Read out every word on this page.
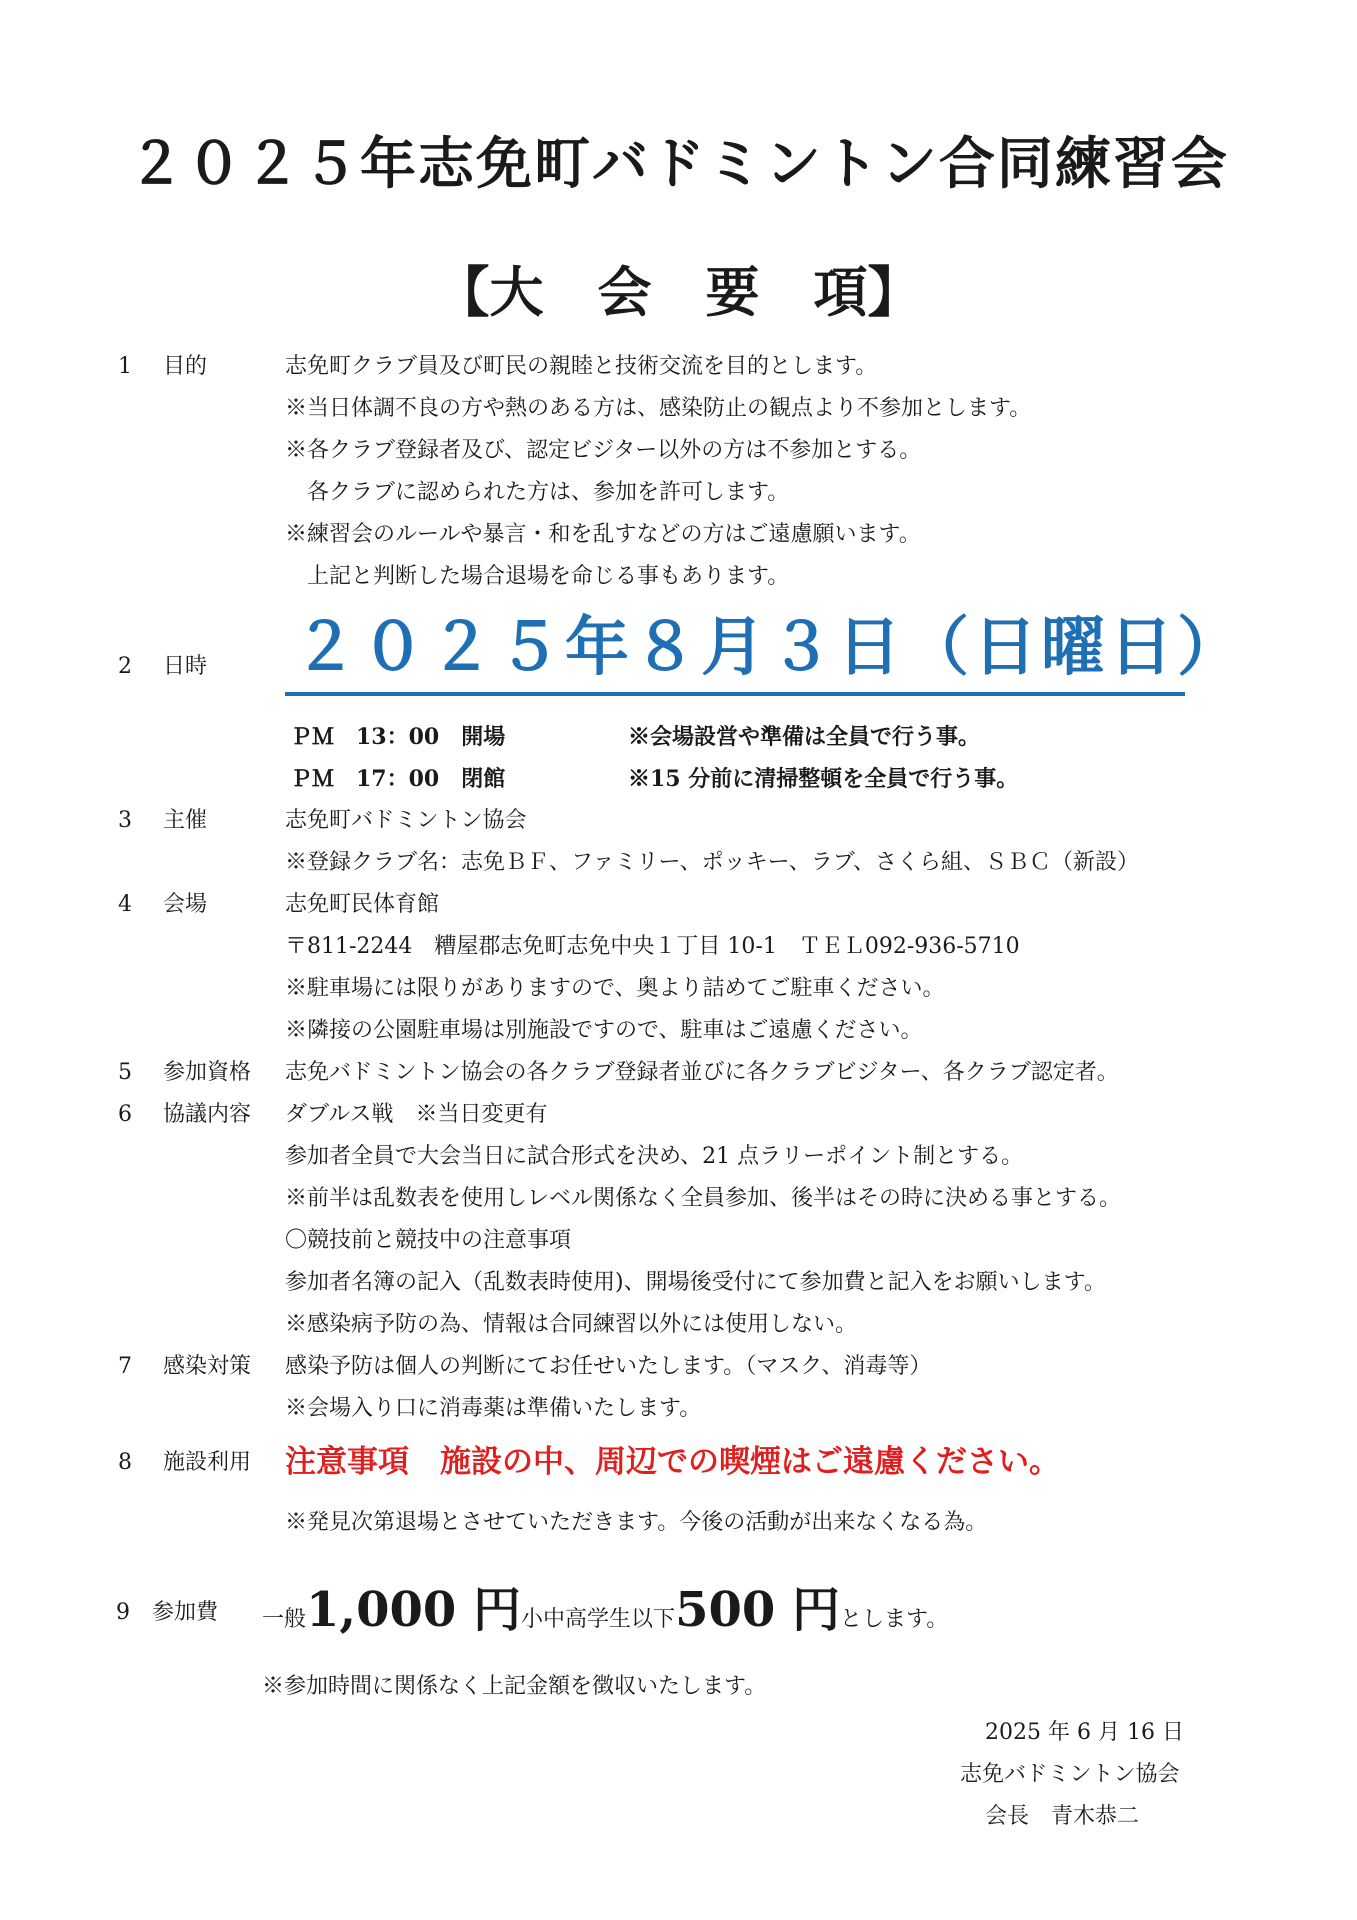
２０２５年志免町バドミントン合同練習会
【大　会　要　項】
1	目的	志免町クラブ員及び町民の親睦と技術交流を目的とします。
※当日体調不良の方や熱のある方は、感染防止の観点より不参加とします。
※各クラブ登録者及び、認定ビジター以外の方は不参加とする。
　各クラブに認められた方は、参加を許可します。
※練習会のルールや暴言・和を乱すなどの方はご遠慮願います。
　上記と判断した場合退場を命じる事もあります。
2	日時 ２０２５年８月３日（日曜日）
ＰＭ　13：00　開場	※会場設営や準備は全員で行う事。
ＰＭ　17：00　閉館	※15 分前に清掃整頓を全員で行う事。
3	主催	志免町バドミントン協会
※登録クラブ名：志免ＢＦ、ファミリー、ポッキー、ラブ、さくら組、ＳＢＣ（新設）
4	会場	志免町民体育館
〒811-2244　糟屋郡志免町志免中央１丁目 10-1　ＴＥＬ092-936-5710
※駐車場には限りがありますので、奥より詰めてご駐車ください。
※隣接の公園駐車場は別施設ですので、駐車はご遠慮ください。
5	参加資格 志免バドミントン協会の各クラブ登録者並びに各クラブビジター、各クラブ認定者。
6	協議内容 ダブルス戦　※当日変更有
参加者全員で大会当日に試合形式を決め、21 点ラリーポイント制とする。
※前半は乱数表を使用しレベル関係なく全員参加、後半はその時に決める事とする。
〇競技前と競技中の注意事項
参加者名簿の記入（乱数表時使用)、開場後受付にて参加費と記入をお願いします。
※感染病予防の為、情報は合同練習以外には使用しない。
7	感染対策 感染予防は個人の判断にてお任せいたします。（マスク、消毒等）
※会場入り口に消毒薬は準備いたします。
8	施設利用 注意事項　施設の中、周辺での喫煙はご遠慮ください。
※発見次第退場とさせていただきます。今後の活動が出来なくなる為。
9	参加費 一般1,000 円小中高学生以下500 円とします。
※参加時間に関係なく上記金額を徴収いたします。
2025 年 6 月 16 日
志免バドミントン協会
会長　青木恭二
